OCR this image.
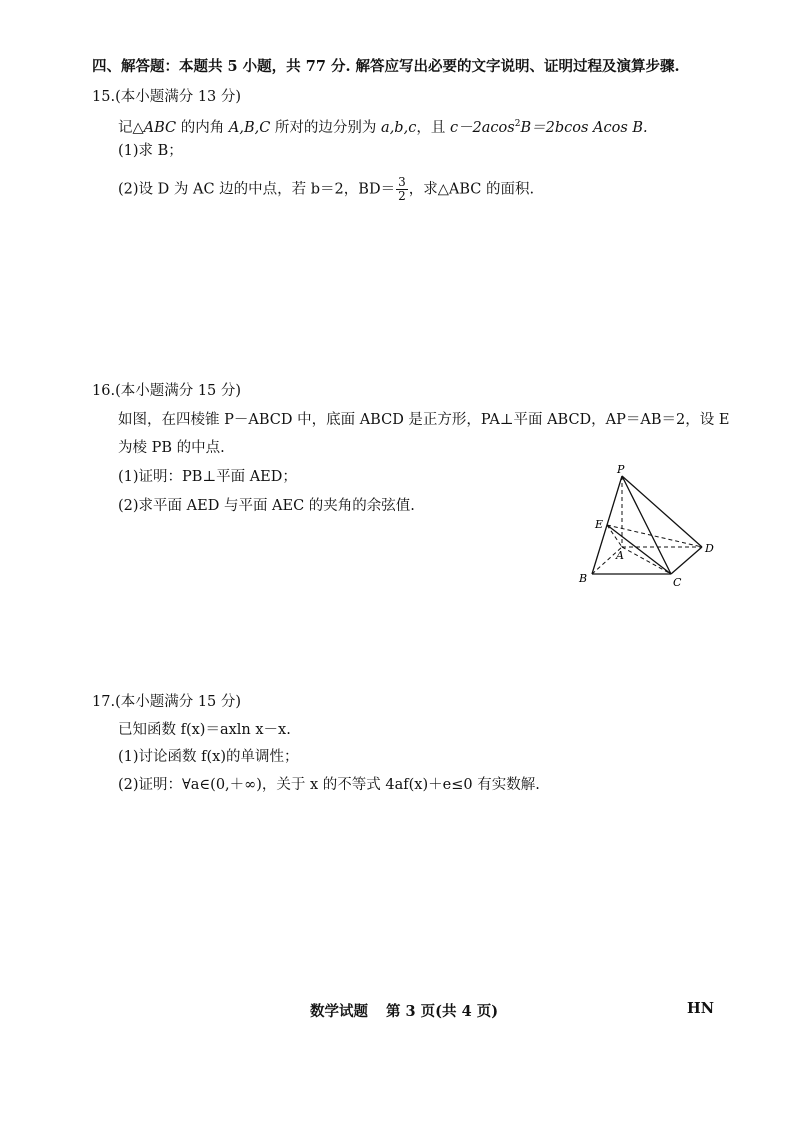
四、解答题：本题共 5 小题，共 77 分. 解答应写出必要的文字说明、证明过程及演算步骤.
15.(本小题满分 13 分)
记△ABC 的内角 A,B,C 所对的边分别为 a,b,c，且 c－2acos$^2$B＝2bcos Acos B.
(1)求 B；
(2)设 D 为 AC 边的中点，若 b＝2，$BD= \frac{3}{2}$ ，求△ABC 的面积.
16.(本小题满分 15 分)
如图，在四棱锥 P－ABCD 中，底面 ABCD 是正方形，PA⊥平面 ABCD，AP＝AB＝2，设 E
为棱 PB 的中点.
(1)证明：PB⊥平面 AED；
(2)求平面 AED 与平面 AEC 的夹角的余弦值.
P
E
A
B	C
D
17.(本小题满分 15 分)
已知函数 f(x)＝axln x－x.
(1)讨论函数 f(x)的单调性；
(2)证明：∀a∈(0,＋∞)，关于 x 的不等式 4af(x)＋e≤0 有实数解.
数学试题 第 3 页(共 4 页)	HN
